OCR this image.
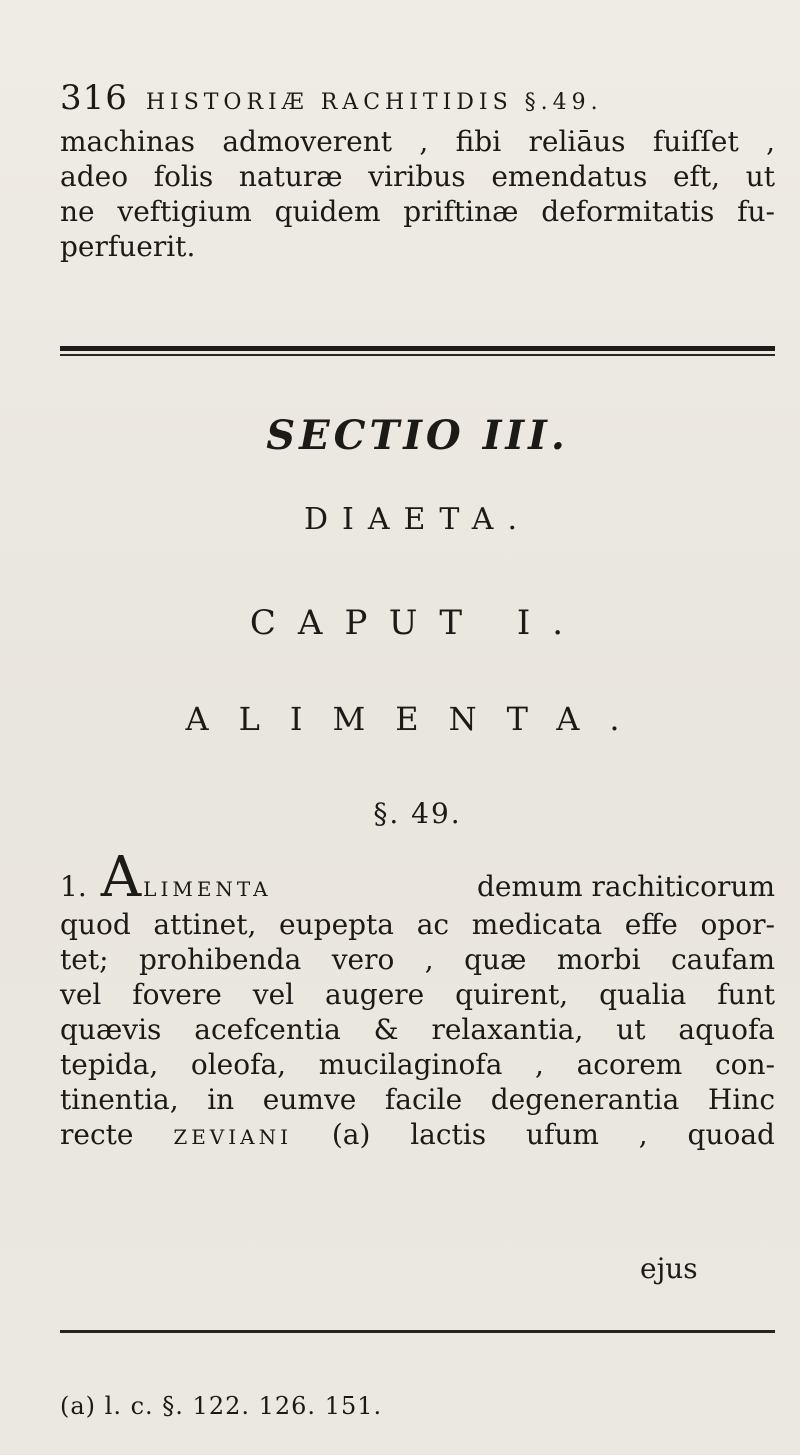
316 HISTORIÆ RACHITIDIS §.49.
machinas admoverent , fibi reliāus fuiſſet ,
adeo folis naturæ viribus emendatus eft, ut
ne veftigium quidem priftinæ deformitatis fu-
perfuerit.
SECTIO III.
DIAETA.
CAPUT I.
ALIMENTA.
§. 49.
1. A LIMENTA	demum rachiticorum
quod attinet, eupepta ac medicata effe opor-
tet; prohibenda vero , quæ morbi caufam
vel fovere vel augere quirent, qualia funt
quævis acefcentia & relaxantia, ut aquofa
tepida, oleofa, mucilaginofa , acorem con-
tinentia, in eumve facile degenerantia Hinc
recte ZEVIANI (a) lactis ufum , quoad
ejus
(a) l. c. §. 122. 126. 151.
